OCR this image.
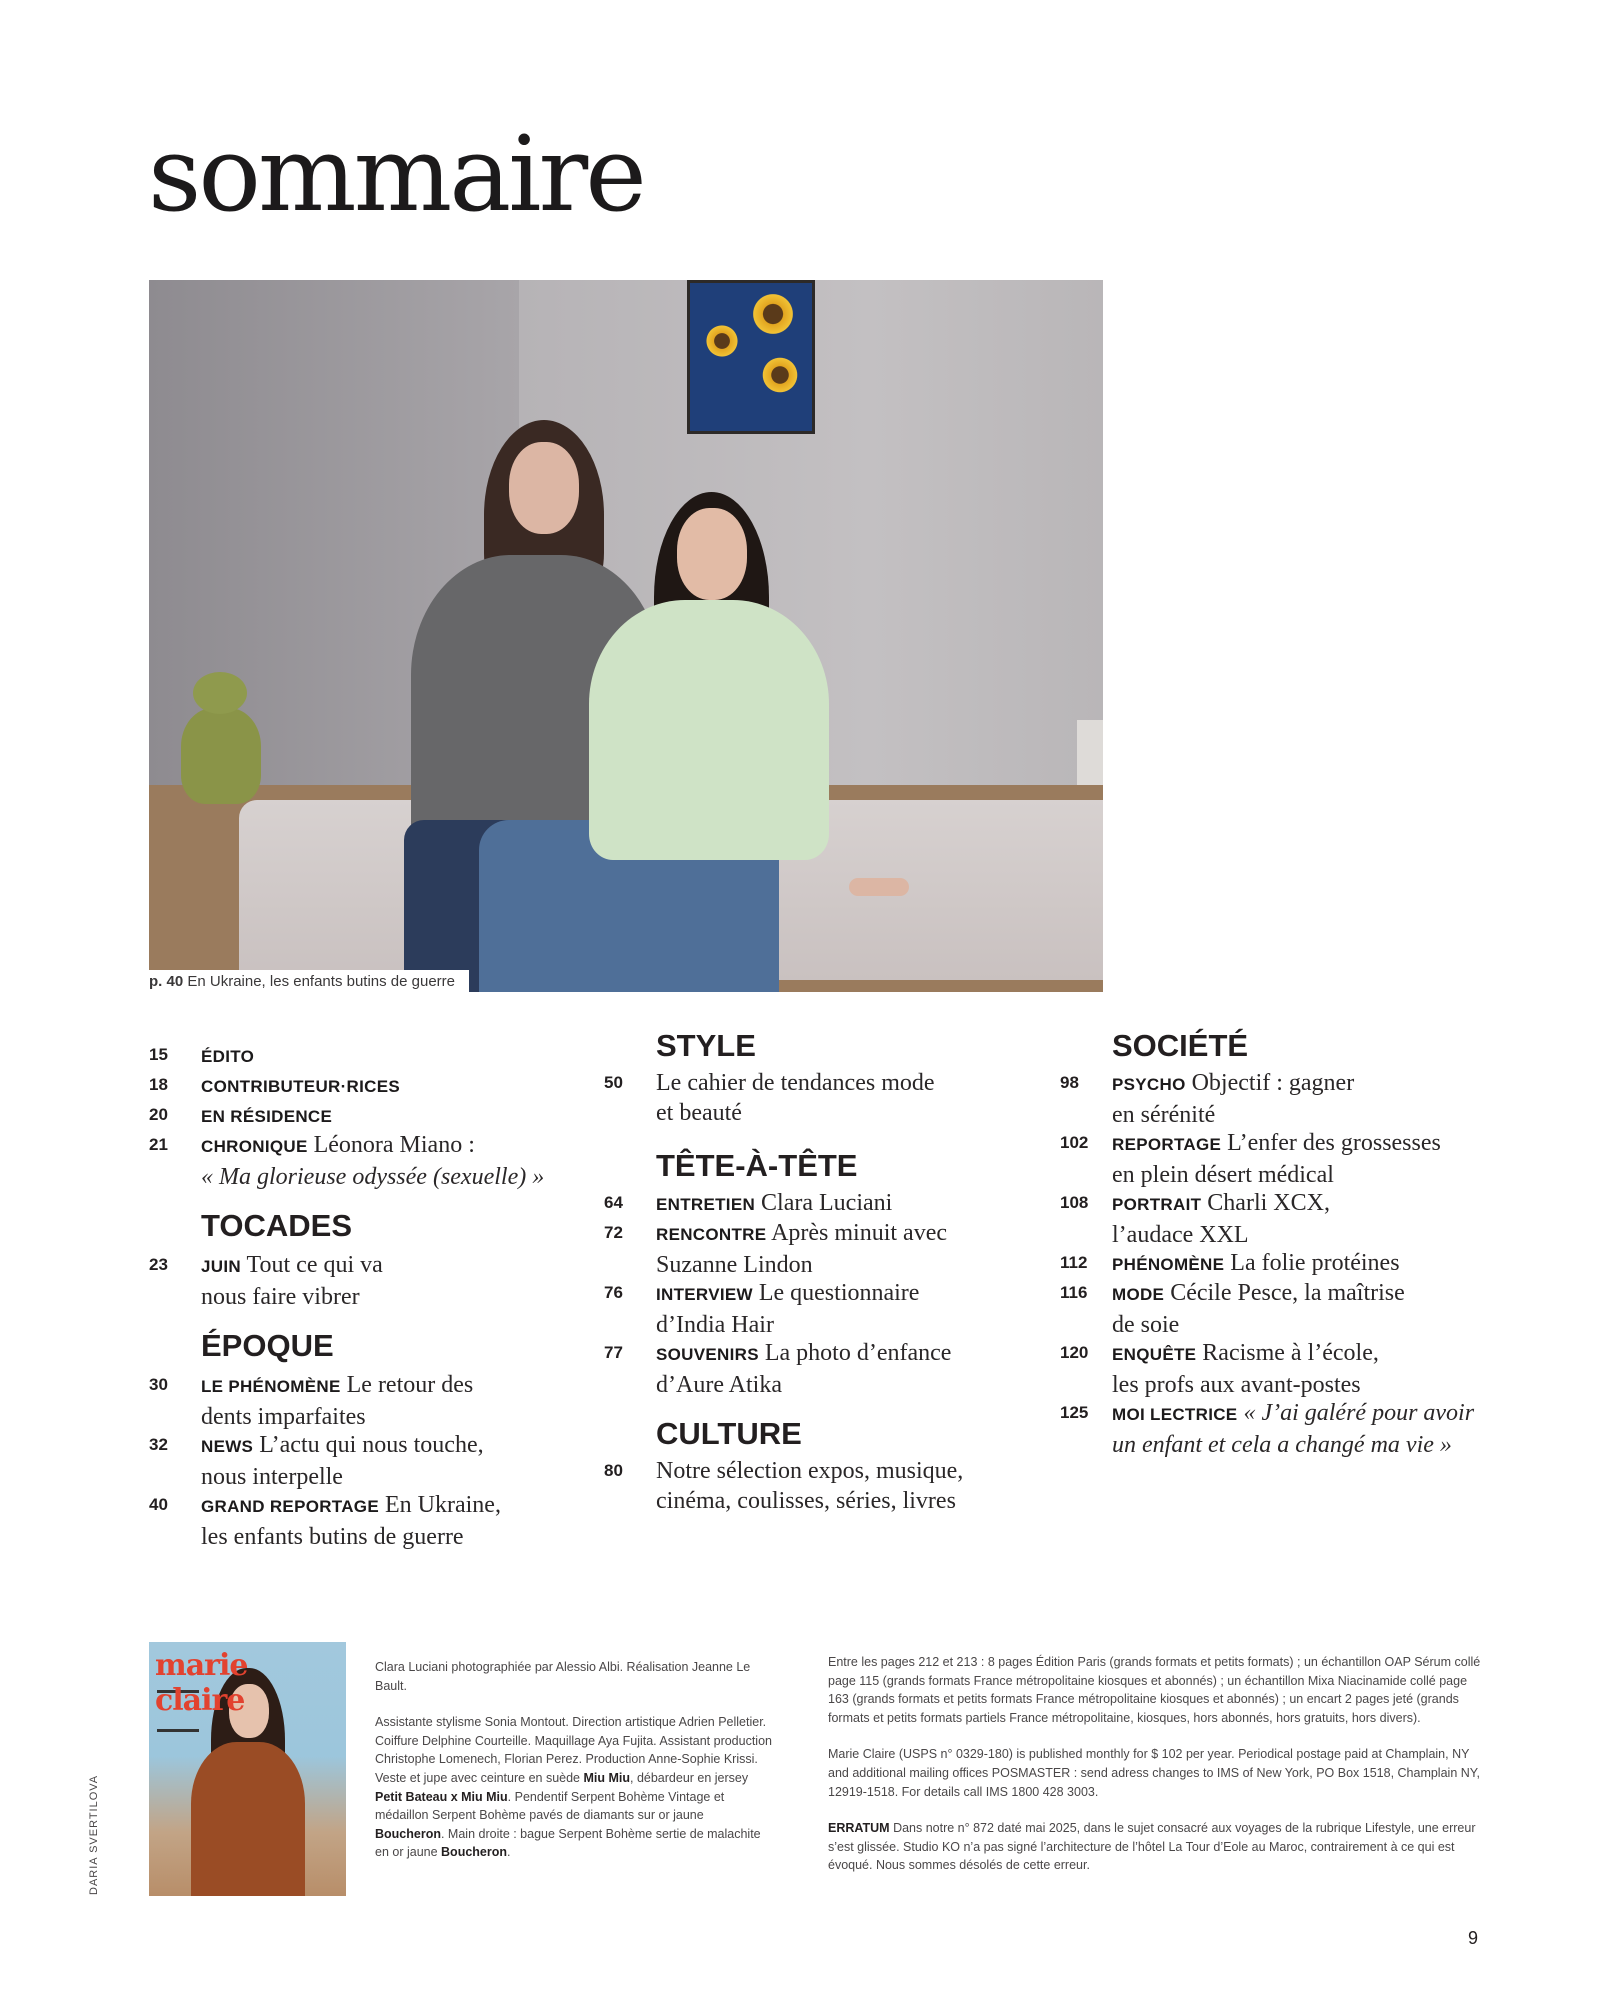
sommaire
p. 40 En Ukraine, les enfants butins de guerre
15 ÉDITO
18 CONTRIBUTEUR·RICES
20 EN RÉSIDENCE
21 CHRONIQUE Léonora Miano :
« Ma glorieuse odyssée (sexuelle) »
TOCADES
23 JUIN Tout ce qui va
nous faire vibrer
ÉPOQUE
30 LE PHÉNOMÈNE Le retour des
dents imparfaites
32 NEWS L’actu qui nous touche,
nous interpelle
40 GRAND REPORTAGE En Ukraine,
les enfants butins de guerre
STYLE
50 Le cahier de tendances mode
et beauté
TÊTE-À-TÊTE
64 ENTRETIEN Clara Luciani
72 RENCONTRE Après minuit avec
Suzanne Lindon
76 INTERVIEW Le questionnaire
d’India Hair
77 SOUVENIRS La photo d’enfance
d’Aure Atika
CULTURE
80 Notre sélection expos, musique,
cinéma, coulisses, séries, livres
SOCIÉTÉ
98 PSYCHO Objectif : gagner
en sérénité
102 REPORTAGE L’enfer des grossesses
en plein désert médical
108 PORTRAIT Charli XCX,
l’audace XXL
112 PHÉNOMÈNE La folie protéines
116 MODE Cécile Pesce, la maîtrise
de soie
120 ENQUÊTE Racisme à l’école,
les profs aux avant-postes
125 MOI LECTRICE « J’ai galéré pour avoir
un enfant et cela a changé ma vie »
marie claire
DARIA SVERTILOVA

Clara Luciani photographiée par Alessio Albi. Réalisation Jeanne Le Bault.

Assistante stylisme Sonia Montout. Direction artistique Adrien Pelletier. Coiffure Delphine Courteille. Maquillage Aya Fujita. Assistant production Christophe Lomenech, Florian Perez. Production Anne-Sophie Krissi. Veste et jupe avec ceinture en suède Miu Miu, débardeur en jersey Petit Bateau x Miu Miu. Pendentif Serpent Bohème Vintage et médaillon Serpent Bohème pavés de diamants sur or jaune Boucheron. Main droite : bague Serpent Bohème sertie de malachite en or jaune Boucheron.

Entre les pages 212 et 213 : 8 pages Édition Paris (grands formats et petits formats) ; un échantillon OAP Sérum collé page 115 (grands formats France métropolitaine kiosques et abonnés) ; un échantillon Mixa Niacinamide collé page 163 (grands formats et petits formats France métropolitaine kiosques et abonnés) ; un encart 2 pages jeté (grands formats et petits formats partiels France métropolitaine, kiosques, hors abonnés, hors gratuits, hors divers).

Marie Claire (USPS n° 0329-180) is published monthly for $ 102 per year. Periodical postage paid at Champlain, NY and additional mailing offices POSMASTER : send adress changes to IMS of New York, PO Box 1518, Champlain NY, 12919-1518. For details call IMS 1800 428 3003.

ERRATUM Dans notre n° 872 daté mai 2025, dans le sujet consacré aux voyages de la rubrique Lifestyle, une erreur s’est glissée. Studio KO n’a pas signé l’architecture de l’hôtel La Tour d’Eole au Maroc, contrairement à ce qui est évoqué. Nous sommes désolés de cette erreur.

9
